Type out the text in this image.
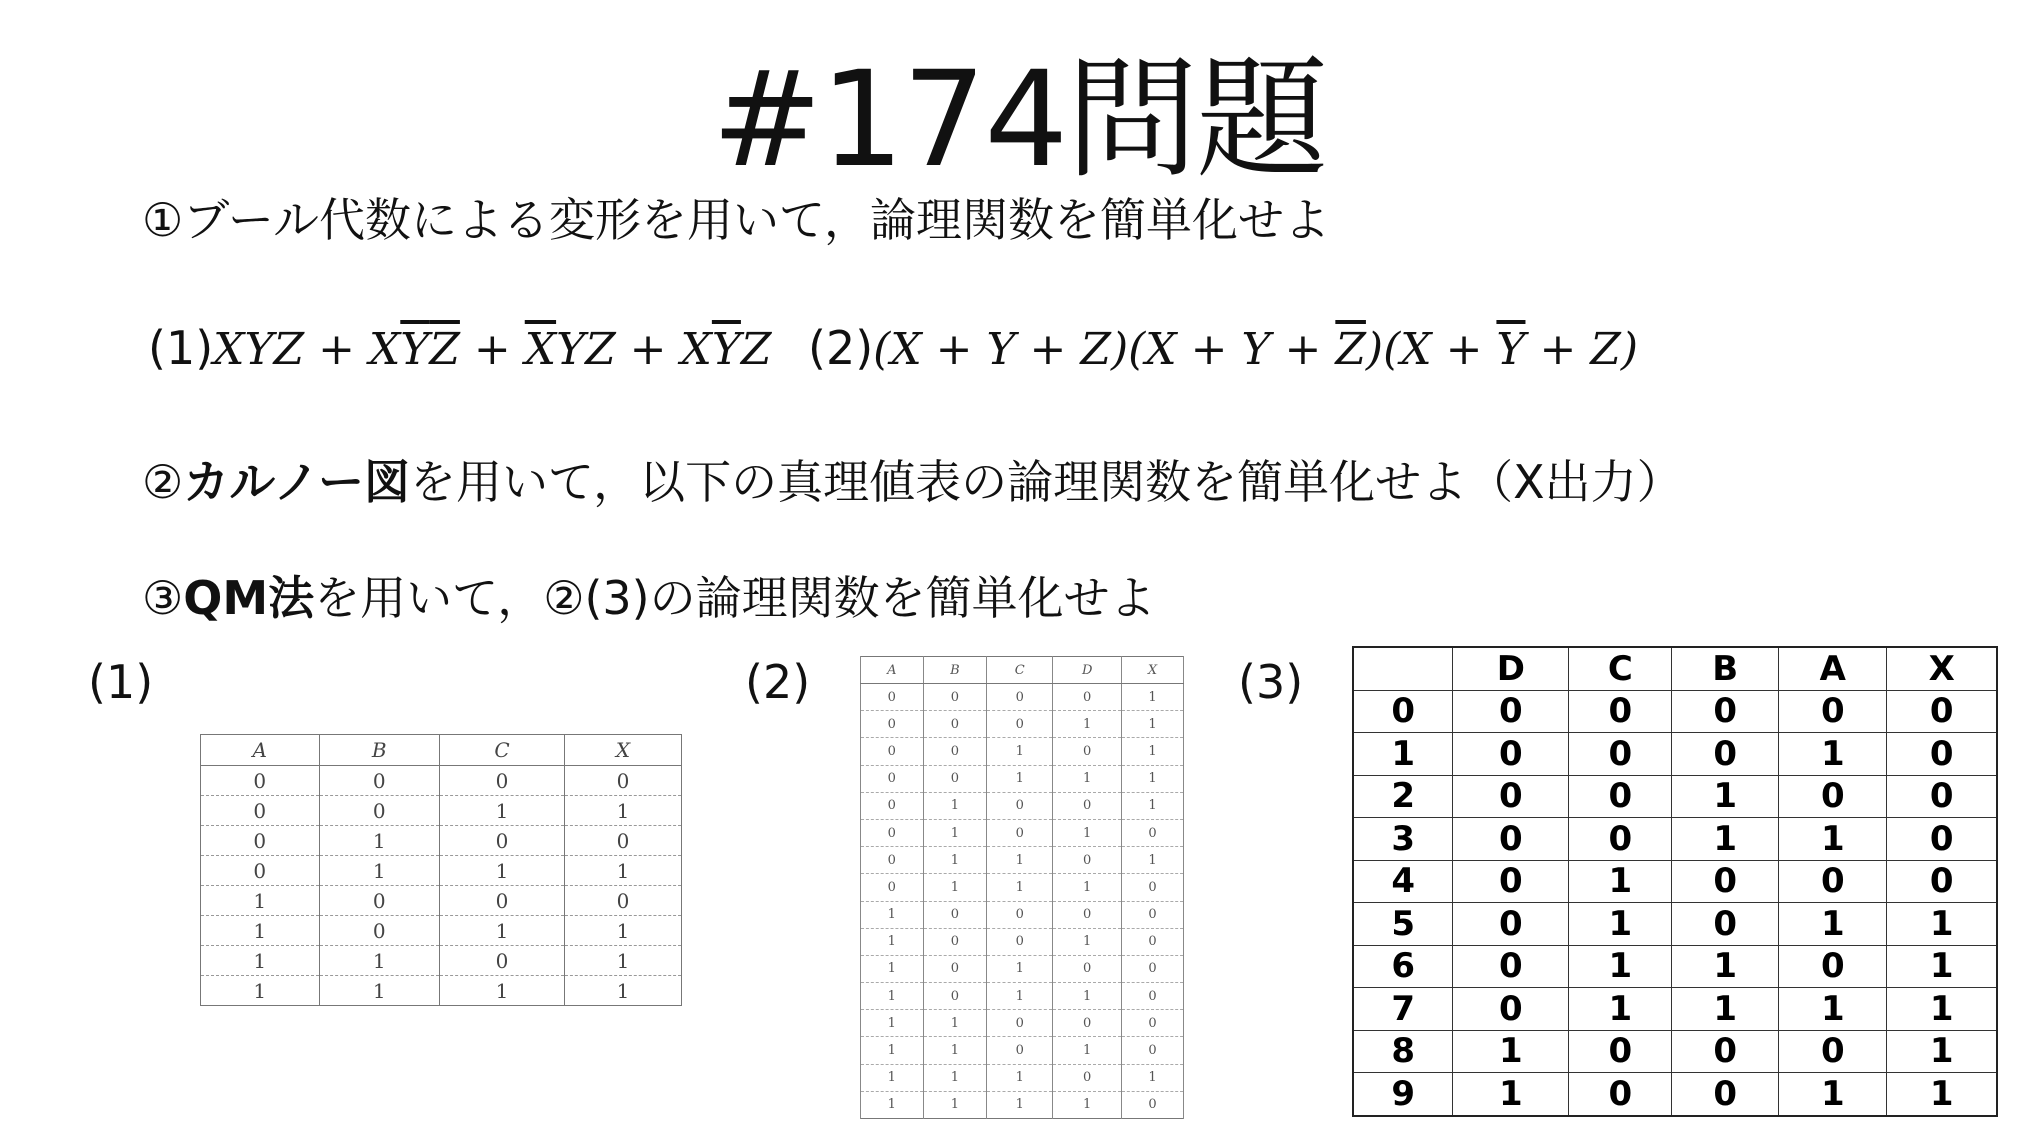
#174問題
①ブール代数による変形を用いて，論理関数を簡単化せよ
$(1)XYZ + X\overline{Y}\overline{Z} + \overline{X}YZ + X\overline{Y}Z$ $(2)(X + Y + Z)(X + Y + \overline{Z})(X + \overline{Y} + Z)$
②カルノー図を用いて，以下の真理値表の論理関数を簡単化せよ（X出力）
③QM法を用いて，②(3)の論理関数を簡単化せよ
(1)	(2)	(3)
A	B	C	X
0	0	0	0
0	0	1	1
0	1	0	0
0	1	1	1
1	0	0	0
1	0	1	1
1	1	0	1
1	1	1	1
A	B	C	D	X
0	0	0	0	1
0	0	0	1	1
0	0	1	0	1
0	0	1	1	1
0	1	0	0	1
0	1	0	1	0
0	1	1	0	1
0	1	1	1	0
1	0	0	0	0
1	0	0	1	0
1	0	1	0	0
1	0	1	1	0
1	1	0	0	0
1	1	0	1	0
1	1	1	0	1
1	1	1	1	0
	D	C	B	A	X
0	0	0	0	0	0
1	0	0	0	1	0
2	0	0	1	0	0
3	0	0	1	1	0
4	0	1	0	0	0
5	0	1	0	1	1
6	0	1	1	0	1
7	0	1	1	1	1
8	1	0	0	0	1
9	1	0	0	1	1
